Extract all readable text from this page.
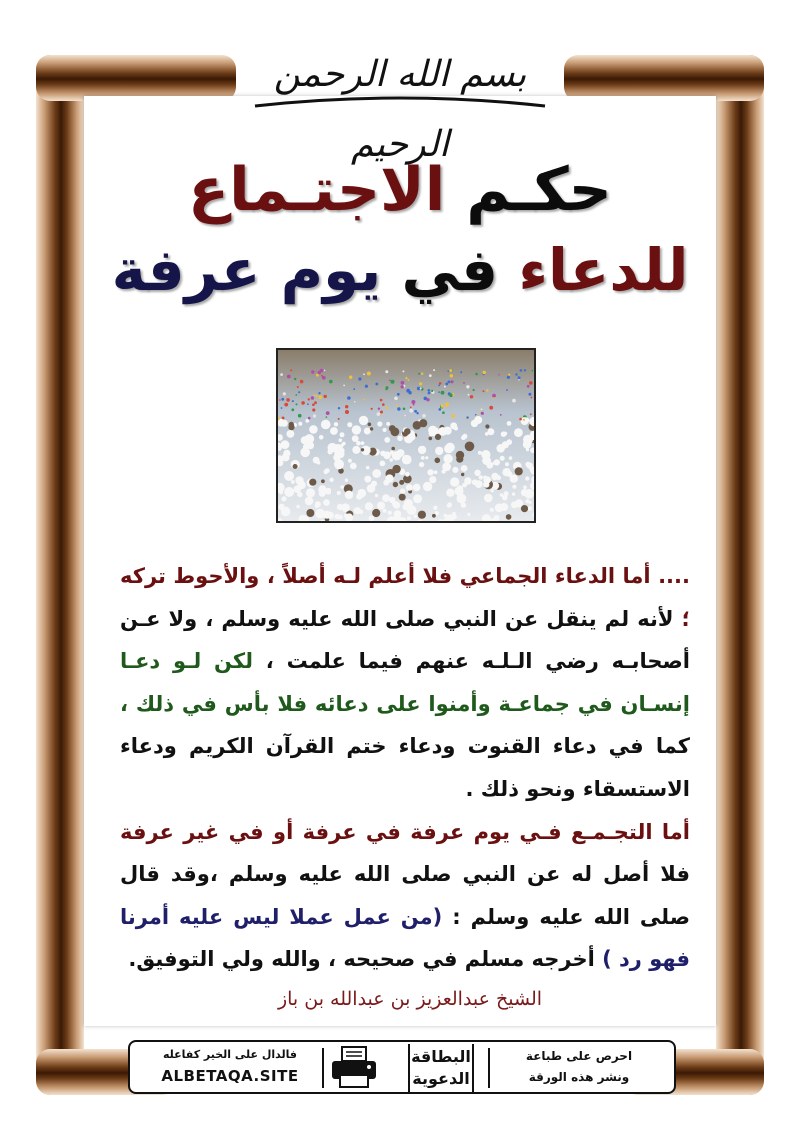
بسم الله الرحمن الرحيم
حكـم الاجتـماع
للدعاء في يوم عرفة
.... أما الدعاء الجماعي فلا أعلم لـه أصلاً ، والأحوط تركه ؛ لأنه لم ينقل عن النبي صلى الله عليه وسلم ، ولا عـن أصحابـه رضي الـلـه عنهم فيما علمت ، لكن لـو دعـا إنسـان في جماعـة وأمنوا على دعائه فلا بأس في ذلك ، كما في دعاء القنوت ودعاء ختم القرآن الكريم ودعاء الاستسقاء ونحو ذلك .
أما التجـمـع فـي يوم عرفة في عرفة أو في غير عرفة فلا أصل له عن النبي صلى الله عليه وسلم ،وقد قال صلى الله عليه وسلم : (من عمل عملا ليس عليه أمرنا فهو رد ) أخرجه مسلم في صحيحه ، والله ولي التوفيق.
الشيخ عبدالعزيز بن عبدالله بن باز
فالدال على الخير كفاعله
ALBETAQA.SITE
البطاقة
الدعوية
احرص على طباعة
ونشر هذه الورقة
